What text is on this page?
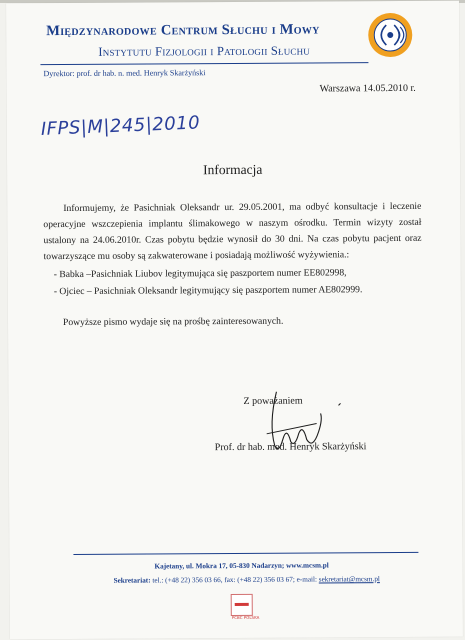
Międzynarodowe Centrum Słuchu i Mowy
Instytutu Fizjologii i Patologii Słuchu
Dyrektor: prof. dr hab. n. med. Henryk Skarżyński
Warszawa 14.05.2010 r.
IFPS|M|245|2010
Informacja

Informujemy, że Pasichniak Oleksandr ur. 29.05.2001, ma odbyć konsultacje i leczenie operacyjne wszczepienia implantu ślimakowego w naszym ośrodku. Termin wizyty został ustalony na 24.06.2010r. Czas pobytu będzie wynosił do 30 dni. Na czas pobytu pacjent oraz towarzyszące mu osoby są zakwaterowane i posiadają możliwość wyżywienia.:

- Babka –Pasichniak Liubov legitymująca się paszportem numer EE802998,
- Ojciec – Pasichniak Oleksandr legitymujący się paszportem numer AE802999.
Powyższe pismo wydaje się na prośbę zainteresowanych.
Z poważaniem
Prof. dr hab. med. Henryk Skarżyński
Kajetany, ul. Mokra 17, 05-830 Nadarzyn; www.mcsm.pl
Sekretariat: tel.: (+48 22) 356 03 66, fax: (+48 22) 356 03 67; e-mail: sekretariat@mcsm.pl
PCBC POLSKA
